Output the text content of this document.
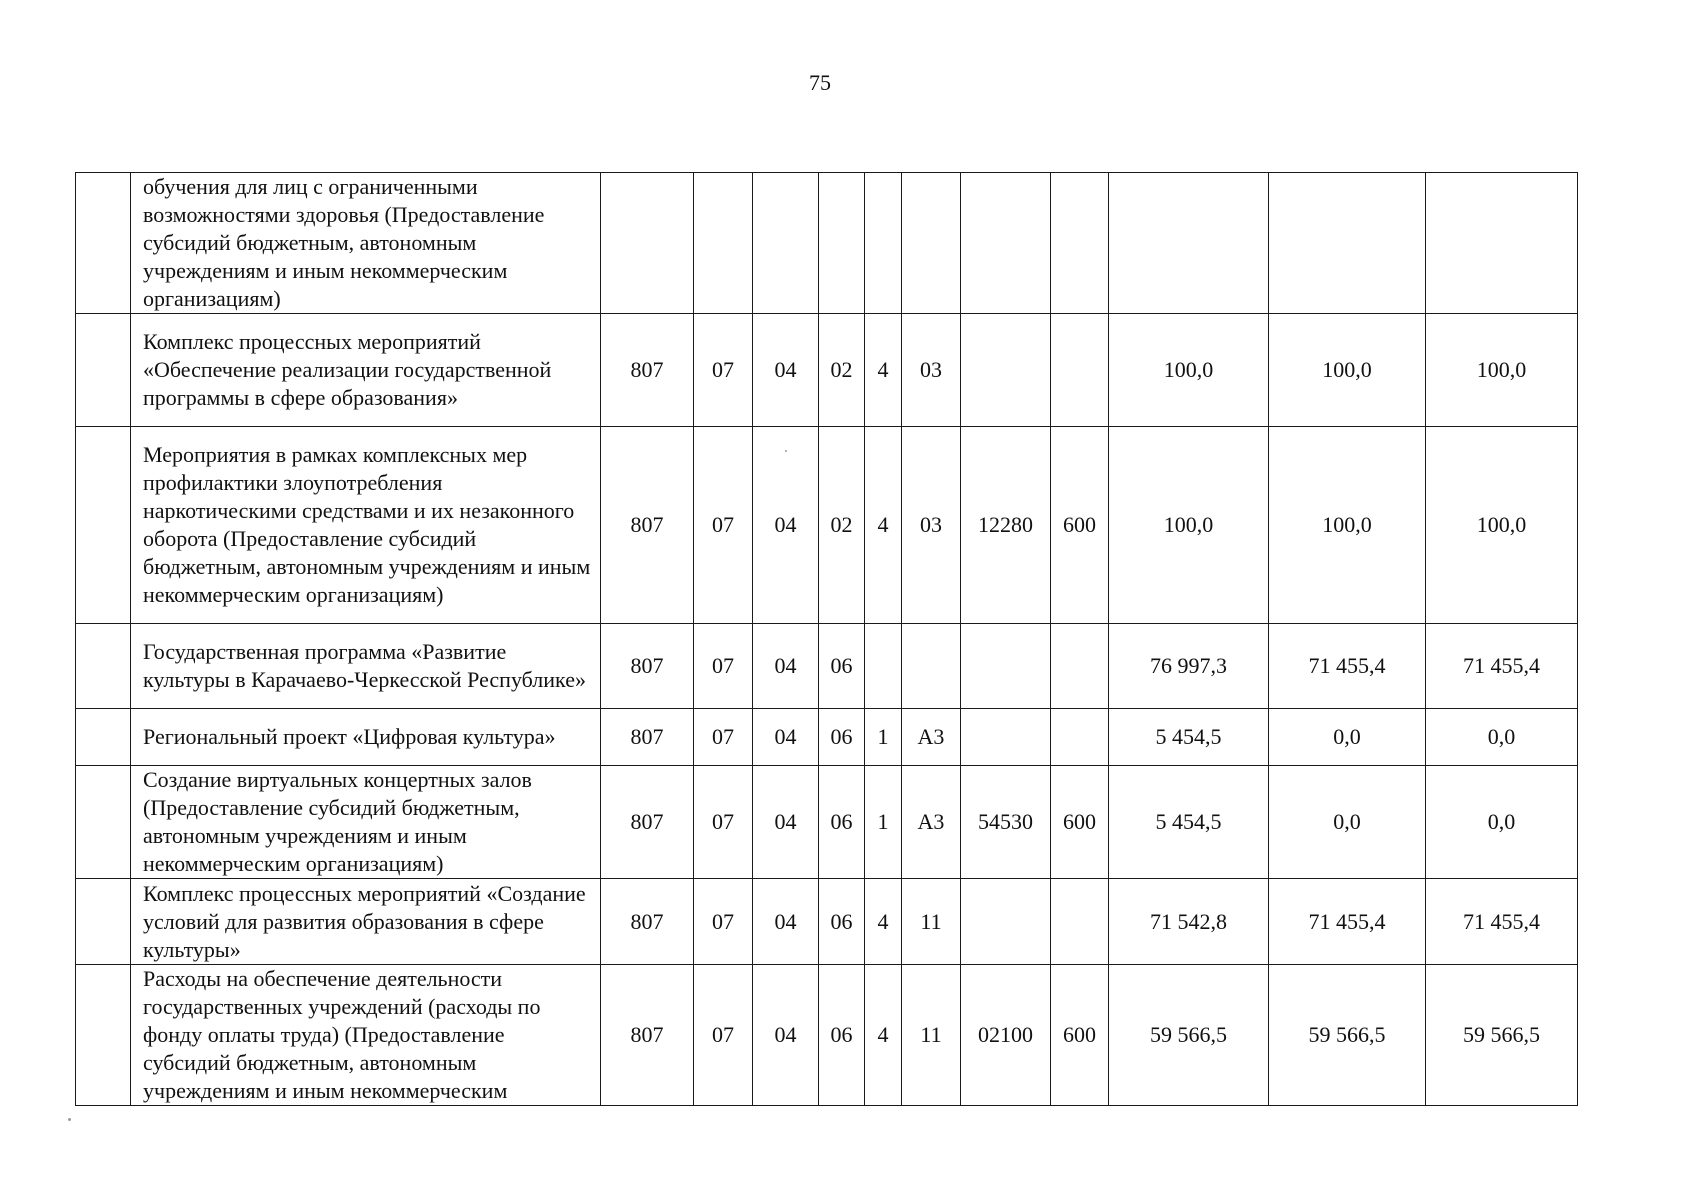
75
	обучения для лиц с ограниченными возможностями здоровья (Предоставление субсидий бюджетным, автономным учреждениям и иным некоммерческим организациям)											
	Комплекс процессных мероприятий «Обеспечение реализации государственной программы в сфере образования»	807	07	04	02	4	03			100,0	100,0	100,0
	Мероприятия в рамках комплексных мер профилактики злоупотребления наркотическими средствами и их незаконного оборота (Предоставление субсидий бюджетным, автономным учреждениям и иным некоммерческим организациям)	807	07	04	02	4	03	12280	600	100,0	100,0	100,0
	Государственная программа «Развитие культуры в Карачаево-Черкесской Республике»	807	07	04	06					76 997,3	71 455,4	71 455,4
	Региональный проект «Цифровая культура»	807	07	04	06	1	А3			5 454,5	0,0	0,0
	Создание виртуальных концертных залов (Предоставление субсидий бюджетным, автономным учреждениям и иным некоммерческим организациям)	807	07	04	06	1	А3	54530	600	5 454,5	0,0	0,0
	Комплекс процессных мероприятий «Создание условий для развития образования в сфере культуры»	807	07	04	06	4	11			71 542,8	71 455,4	71 455,4
	Расходы на обеспечение деятельности государственных учреждений (расходы по фонду оплаты труда) (Предоставление субсидий бюджетным, автономным учреждениям и иным некоммерческим	807	07	04	06	4	11	02100	600	59 566,5	59 566,5	59 566,5
